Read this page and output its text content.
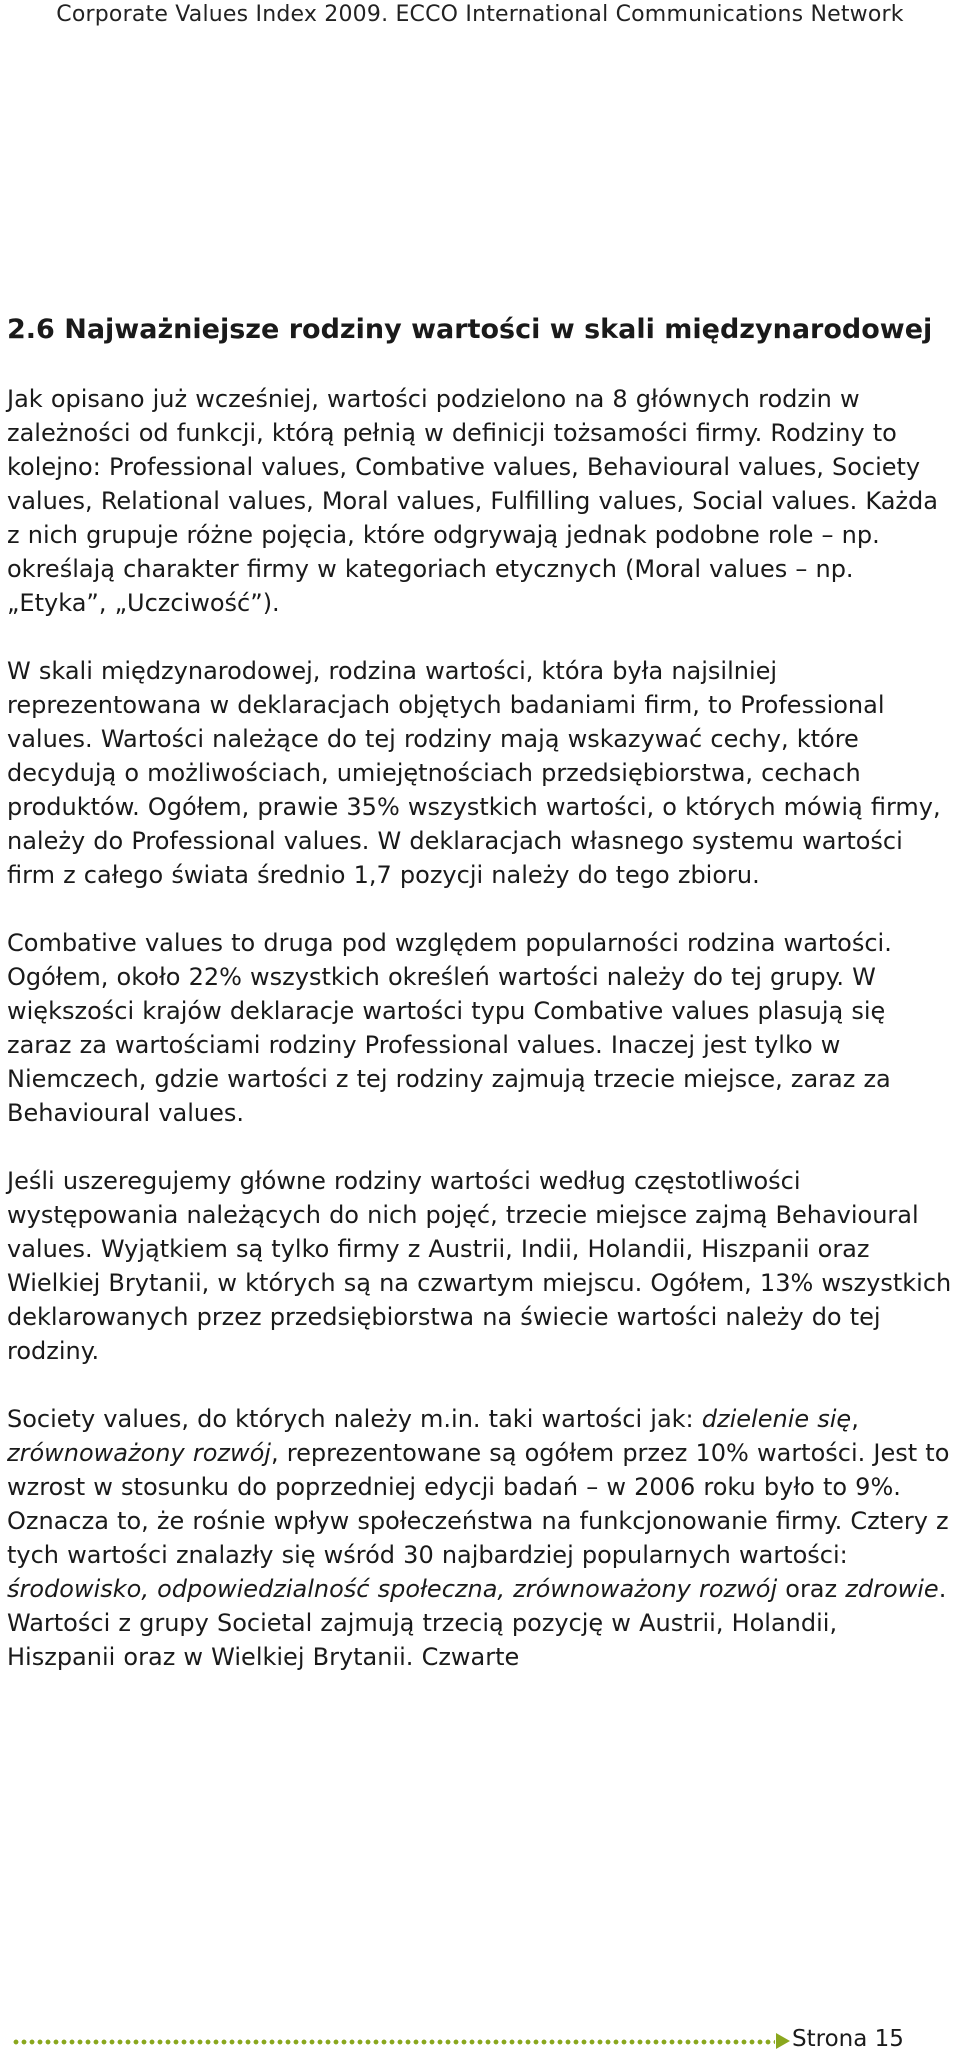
Corporate Values Index 2009. ECCO International Communications Network
2.6 Najważniejsze rodziny wartości w skali międzynarodowej

Jak opisano już wcześniej, wartości podzielono na 8 głównych rodzin w zależności od funkcji, którą pełnią w definicji tożsamości firmy. Rodziny to kolejno: Professional values, Combative values, Behavioural values, Society values, Relational values, Moral values, Fulfilling values, Social values. Każda z nich grupuje różne pojęcia, które odgrywają jednak podobne role – np. określają charakter firmy w kategoriach etycznych (Moral values – np. „Etyka”, „Uczciwość”).

W skali międzynarodowej, rodzina wartości, która była najsilniej reprezentowana w deklaracjach objętych badaniami firm, to Professional values. Wartości należące do tej rodziny mają wskazywać cechy, które decydują o możliwościach, umiejętnościach przedsiębiorstwa, cechach produktów. Ogółem, prawie 35% wszystkich wartości, o których mówią firmy, należy do Professional values. W deklaracjach własnego systemu wartości firm z całego świata średnio 1,7 pozycji należy do tego zbioru.

Combative values to druga pod względem popularności rodzina wartości. Ogółem, około 22% wszystkich określeń wartości należy do tej grupy. W większości krajów deklaracje wartości typu Combative values plasują się zaraz za wartościami rodziny Professional values. Inaczej jest tylko w Niemczech, gdzie wartości z tej rodziny zajmują trzecie miejsce, zaraz za Behavioural values.

Jeśli uszeregujemy główne rodziny wartości według częstotliwości występowania należących do nich pojęć, trzecie miejsce zajmą Behavioural values. Wyjątkiem są tylko firmy z Austrii, Indii, Holandii, Hiszpanii oraz Wielkiej Brytanii, w których są na czwartym miejscu. Ogółem, 13% wszystkich deklarowanych przez przedsiębiorstwa na świecie wartości należy do tej rodziny.

Society values, do których należy m.in. taki wartości jak: dzielenie się, zrównoważony rozwój, reprezentowane są ogółem przez 10% wartości. Jest to wzrost w stosunku do poprzedniej edycji badań – w 2006 roku było to 9%. Oznacza to, że rośnie wpływ społeczeństwa na funkcjonowanie firmy. Cztery z tych wartości znalazły się wśród 30 najbardziej popularnych wartości: środowisko, odpowiedzialność społeczna, zrównoważony rozwój oraz zdrowie. Wartości z grupy Societal zajmują trzecią pozycję w Austrii, Holandii, Hiszpanii oraz w Wielkiej Brytanii. Czwarte

Strona 15
